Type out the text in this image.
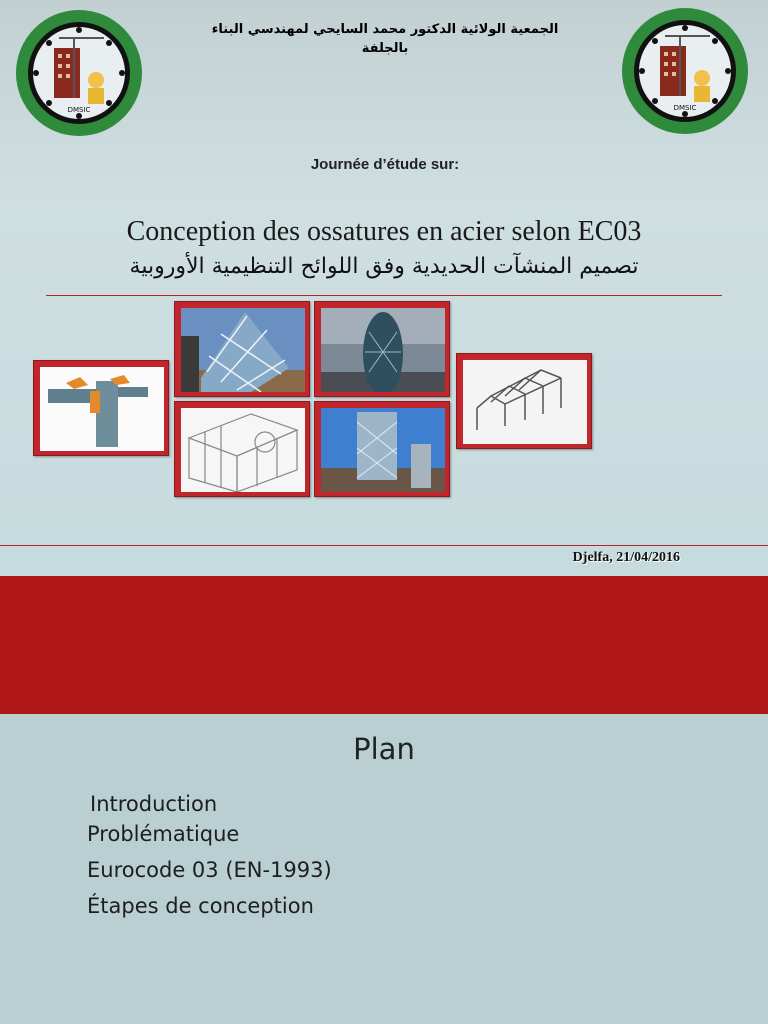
DMSIC	DMSIC
الجمعية الولائية الدكتور محمد السايحي لمهندسي البناء
بالجلفة
Journée d’étude sur:
Conception des ossatures en acier selon EC03
تصميم المنشآت الحديدية وفق اللوائح التنظيمية الأوروبية
Djelfa, 21/04/2016
Plan
Introduction
Problématique
Eurocode 03 (EN-1993)
Étapes de conception
